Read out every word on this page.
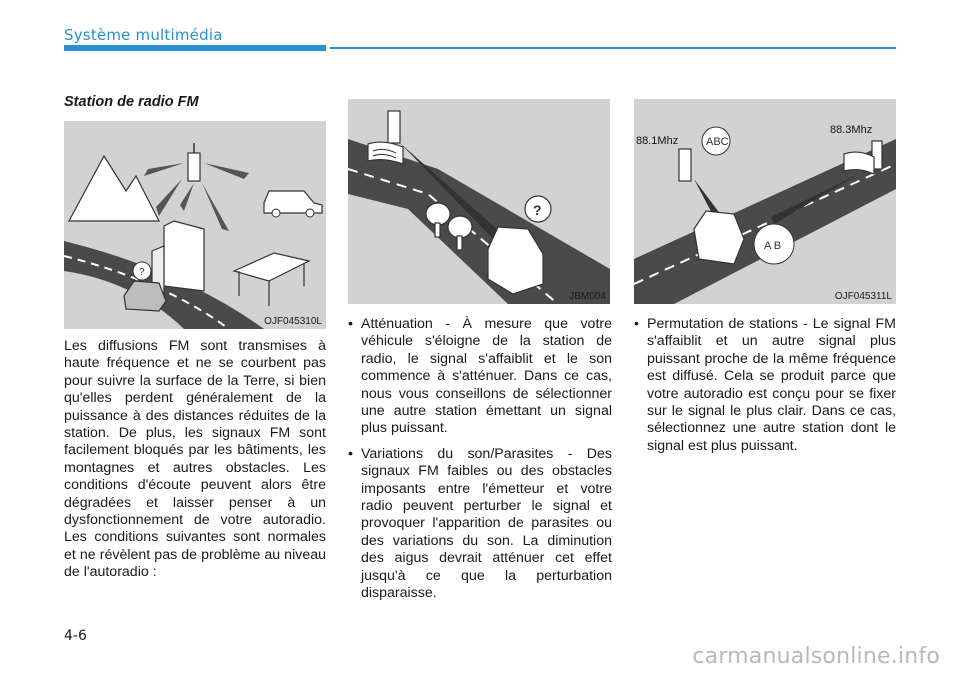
Système multimédia
Station de radio FM
?
OJF045310L
?
JBM004
88.1Mhz
88.3Mhz
ABC
A B
OJF045311L

Les diffusions FM sont transmises à haute fréquence et ne se courbent pas pour suivre la surface de la Terre, si bien qu'elles perdent généralement de la puissance à des distances réduites de la station. De plus, les signaux FM sont facilement bloqués par les bâtiments, les montagnes et autres obstacles. Les conditions d'écoute peuvent alors être dégradées et laisser penser à un dysfonctionnement de votre autoradio. Les conditions suivantes sont normales et ne révèlent pas de problème au niveau de l'autoradio :

• Atténuation - À mesure que votre véhicule s'éloigne de la station de radio, le signal s'affaiblit et le son commence à s'atténuer. Dans ce cas, nous vous conseillons de sélectionner une autre station émettant un signal plus puissant.
• Variations du son/Parasites - Des signaux FM faibles ou des obstacles imposants entre l'émetteur et votre radio peuvent perturber le signal et provoquer l'apparition de parasites ou des variations du son. La diminution des aigus devrait atténuer cet effet jusqu'à ce que la perturbation disparaisse.
• Permutation de stations - Le signal FM s'affaiblit et un autre signal plus puissant proche de la même fréquence est diffusé. Cela se produit parce que votre autoradio est conçu pour se fixer sur le signal le plus clair. Dans ce cas, sélectionnez une autre station dont le signal est plus puissant.
4-6
carmanualsonline.info
